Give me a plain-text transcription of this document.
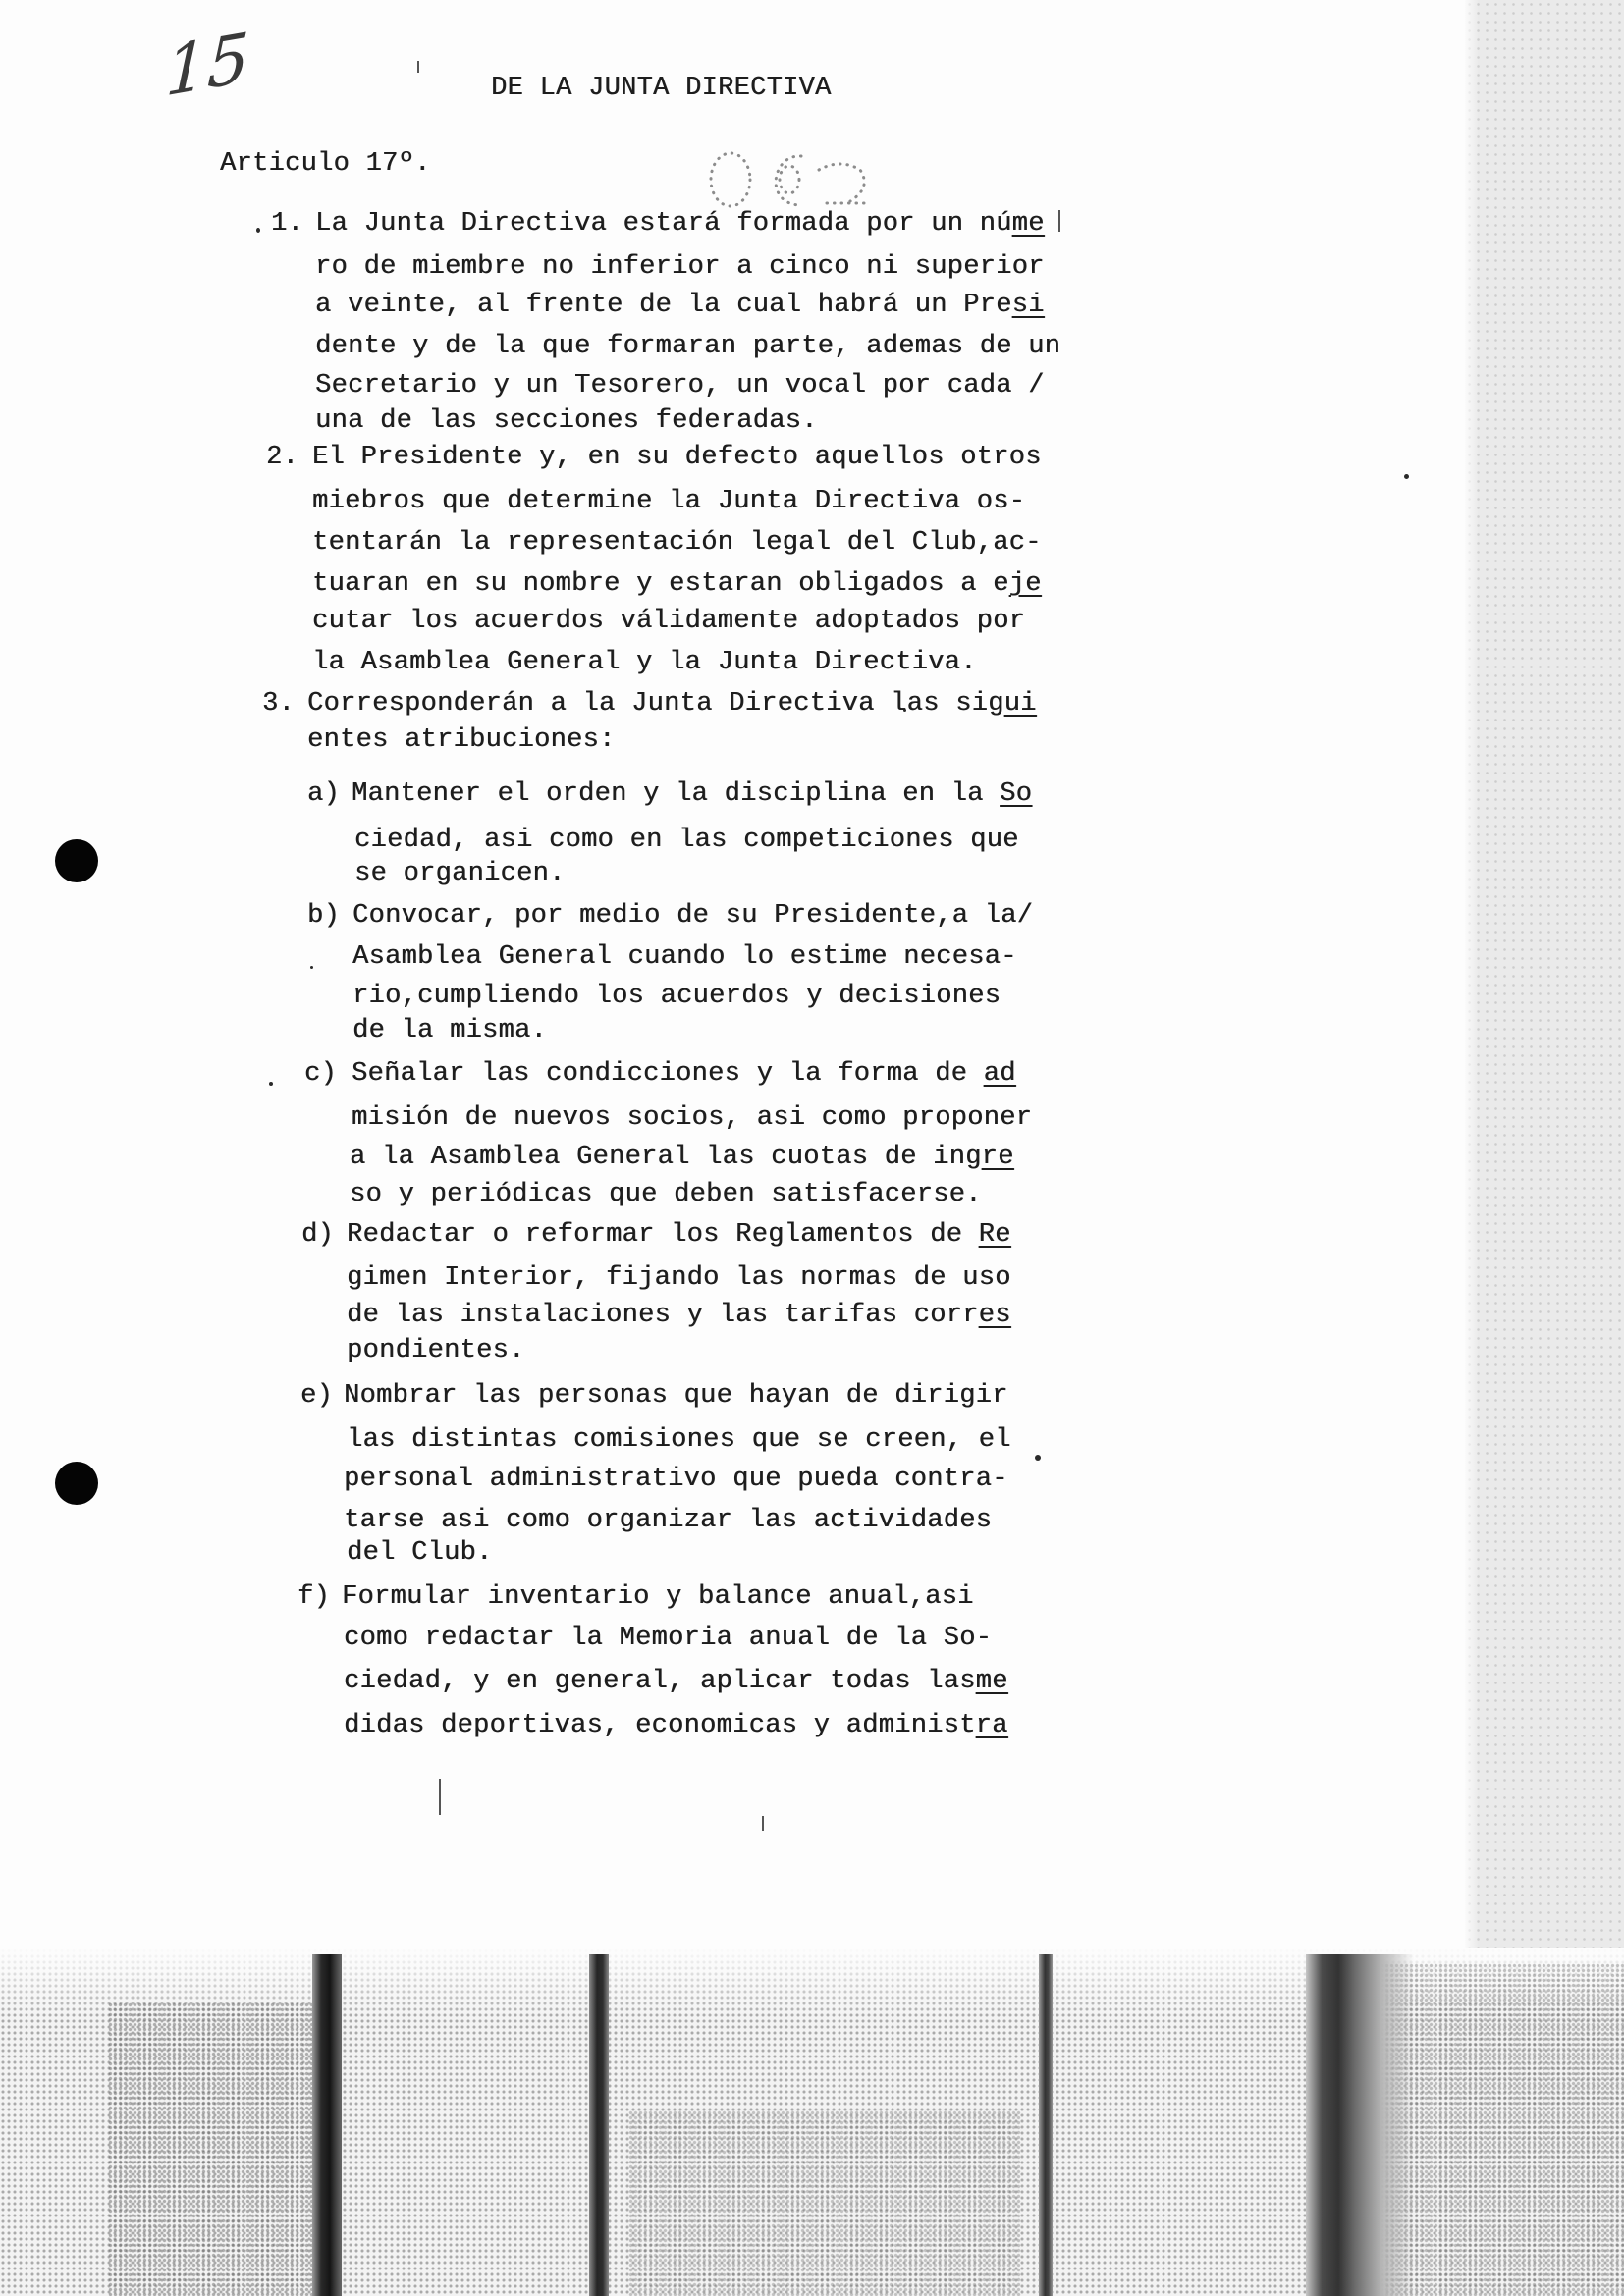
15	DE LA JUNTA DIRECTIVA
Articulo 17º.
1. La Junta Directiva estará formada por un núme
ro de miembre no inferior a cinco ni superior
a veinte, al frente de la cual habrá un Presi
dente y de la que formaran parte, ademas de un
Secretario y un Tesorero, un vocal por cada /
una de las secciones federadas.
2. El Presidente y, en su defecto aquellos otros
miebros que determine la Junta Directiva os-
tentarán la representación legal del Club,ac-
tuaran en su nombre y estaran obligados a eje
cutar los acuerdos válidamente adoptados por
la Asamblea General y la Junta Directiva.
3. Corresponderán a la Junta Directiva las sigui
entes atribuciones:
a) Mantener el orden y la disciplina en la So
ciedad, asi como en las competiciones que
se organicen.
b) Convocar, por medio de su Presidente,a la/
Asamblea General cuando lo estime necesa-
rio,cumpliendo los acuerdos y decisiones
de la misma.
c) Señalar las condicciones y la forma de ad
misión de nuevos socios, asi como proponer
a la Asamblea General las cuotas de ingre
so y periódicas que deben satisfacerse.
d) Redactar o reformar los Reglamentos de Re
gimen Interior, fijando las normas de uso
de las instalaciones y las tarifas corres
pondientes.
e) Nombrar las personas que hayan de dirigir
las distintas comisiones que se creen, el
personal administrativo que pueda contra-
tarse asi como organizar las actividades
del Club.
f) Formular inventario y balance anual,asi
como redactar la Memoria anual de la So-
ciedad, y en general, aplicar todas lasme
didas deportivas, economicas y administra
